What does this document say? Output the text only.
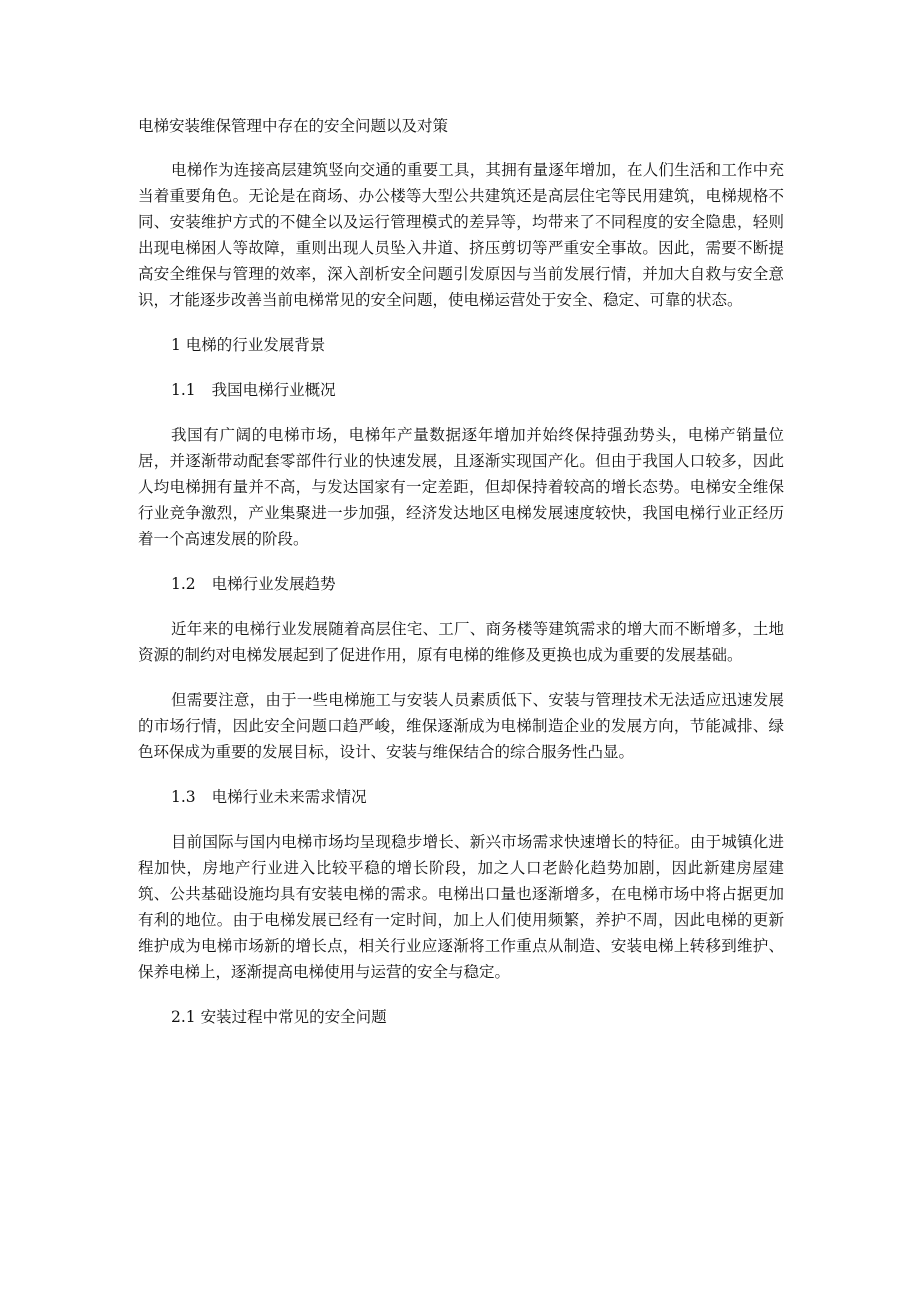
电梯安装维保管理中存在的安全问题以及对策

电梯作为连接高层建筑竖向交通的重要工具，其拥有量逐年增加，在人们生活和工作中充当着重要角色。无论是在商场、办公楼等大型公共建筑还是高层住宅等民用建筑，电梯规格不同、安装维护方式的不健全以及运行管理模式的差异等，均带来了不同程度的安全隐患，轻则出现电梯困人等故障，重则出现人员坠入井道、挤压剪切等严重安全事故。因此，需要不断提高安全维保与管理的效率，深入剖析安全问题引发原因与当前发展行情，并加大自救与安全意识，才能逐步改善当前电梯常见的安全问题，使电梯运营处于安全、稳定、可靠的状态。

1 电梯的行业发展背景
1.1 我国电梯行业概况

我国有广阔的电梯市场，电梯年产量数据逐年增加并始终保持强劲势头，电梯产销量位居，并逐渐带动配套零部件行业的快速发展，且逐渐实现国产化。但由于我国人口较多，因此人均电梯拥有量并不高，与发达国家有一定差距，但却保持着较高的增长态势。电梯安全维保行业竞争激烈，产业集聚进一步加强，经济发达地区电梯发展速度较快，我国电梯行业正经历着一个高速发展的阶段。

1.2 电梯行业发展趋势

近年来的电梯行业发展随着高层住宅、工厂、商务楼等建筑需求的增大而不断增多，土地资源的制约对电梯发展起到了促进作用，原有电梯的维修及更换也成为重要的发展基础。

但需要注意，由于一些电梯施工与安装人员素质低下、安装与管理技术无法适应迅速发展的市场行情，因此安全问题口趋严峻，维保逐渐成为电梯制造企业的发展方向，节能减排、绿色环保成为重要的发展目标，设计、安装与维保结合的综合服务性凸显。

1.3 电梯行业未来需求情况

目前国际与国内电梯市场均呈现稳步增长、新兴市场需求快速增长的特征。由于城镇化进程加快，房地产行业进入比较平稳的增长阶段，加之人口老龄化趋势加剧，因此新建房屋建筑、公共基础设施均具有安装电梯的需求。电梯出口量也逐渐增多，在电梯市场中将占据更加有利的地位。由于电梯发展已经有一定时间，加上人们使用频繁，养护不周，因此电梯的更新维护成为电梯市场新的增长点，相关行业应逐渐将工作重点从制造、安装电梯上转移到维护、保养电梯上，逐渐提高电梯使用与运营的安全与稳定。

2.1 安装过程中常见的安全问题
